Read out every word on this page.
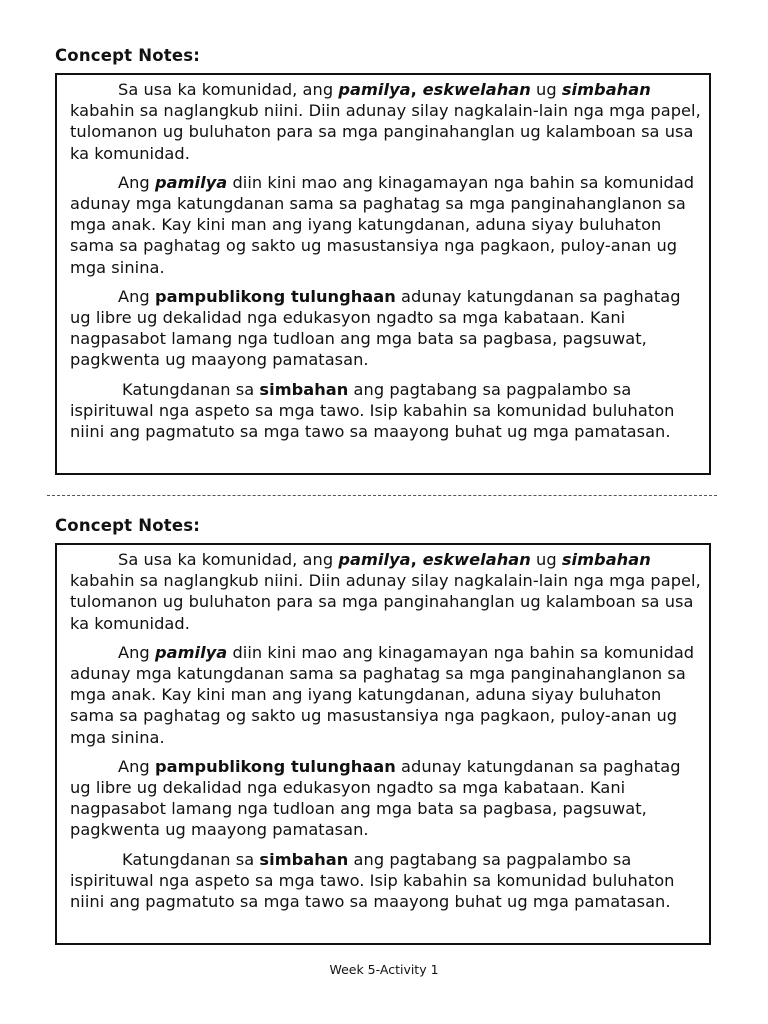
Concept Notes:

Sa usa ka komunidad, ang pamilya, eskwelahan ug simbahan kabahin sa naglangkub niini. Diin adunay silay nagkalain-lain nga mga papel, tulomanon ug buluhaton para sa mga panginahanglan ug kalamboan sa usa ka komunidad.

Ang pamilya diin kini mao ang kinagamayan nga bahin sa komunidad adunay mga katungdanan sama sa paghatag sa mga panginahanglanon sa mga anak. Kay kini man ang iyang katungdanan, aduna siyay buluhaton sama sa paghatag og sakto ug masustansiya nga pagkaon, puloy-anan ug mga sinina.

Ang pampublikong tulunghaan adunay katungdanan sa paghatag ug libre ug dekalidad nga edukasyon ngadto sa mga kabataan. Kani nagpasabot lamang nga tudloan ang mga bata sa pagbasa, pagsuwat, pagkwenta ug maayong pamatasan.

Katungdanan sa simbahan ang pagtabang sa pagpalambo sa ispirituwal nga aspeto sa mga tawo. Isip kabahin sa komunidad buluhaton niini ang pagmatuto sa mga tawo sa maayong buhat ug mga pamatasan.

Concept Notes:

Sa usa ka komunidad, ang pamilya, eskwelahan ug simbahan kabahin sa naglangkub niini. Diin adunay silay nagkalain-lain nga mga papel, tulomanon ug buluhaton para sa mga panginahanglan ug kalamboan sa usa ka komunidad.

Ang pamilya diin kini mao ang kinagamayan nga bahin sa komunidad adunay mga katungdanan sama sa paghatag sa mga panginahanglanon sa mga anak. Kay kini man ang iyang katungdanan, aduna siyay buluhaton sama sa paghatag og sakto ug masustansiya nga pagkaon, puloy-anan ug mga sinina.

Ang pampublikong tulunghaan adunay katungdanan sa paghatag ug libre ug dekalidad nga edukasyon ngadto sa mga kabataan. Kani nagpasabot lamang nga tudloan ang mga bata sa pagbasa, pagsuwat, pagkwenta ug maayong pamatasan.

Katungdanan sa simbahan ang pagtabang sa pagpalambo sa ispirituwal nga aspeto sa mga tawo. Isip kabahin sa komunidad buluhaton niini ang pagmatuto sa mga tawo sa maayong buhat ug mga pamatasan.

Week 5-Activity 1
